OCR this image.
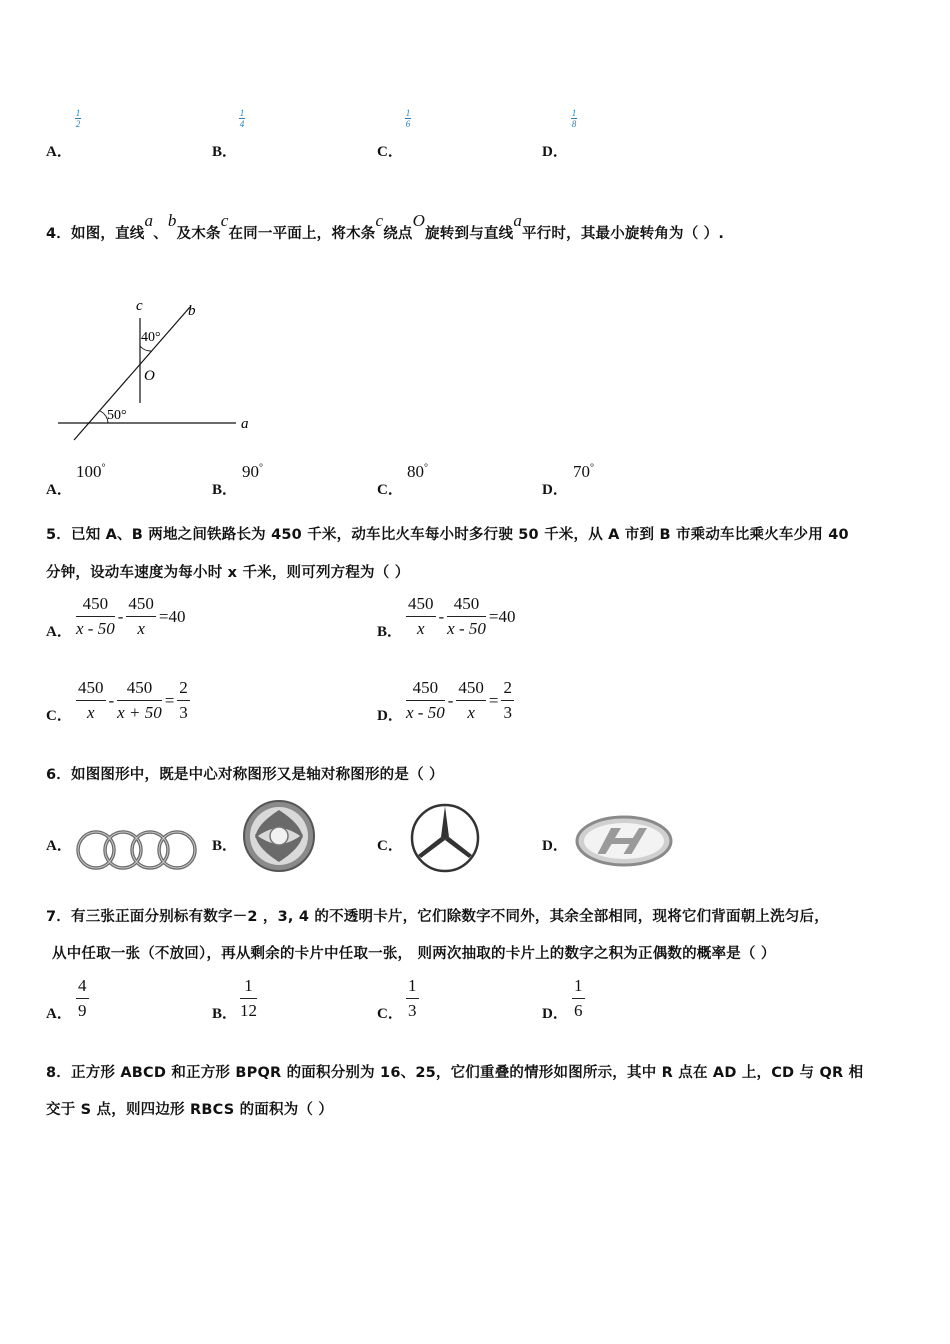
A．
1
2
B．
1
4
C．
1
6
D．
1
8
4．如图，直线a、b及木条c在同一平面上，将木条c绕点O旋转到与直线a平行时，其最小旋转角为（ ）.
c	b
a
O
40°
50°
A．
100°
B．
90°
C．
80°
D．
70°
5．已知 A、B 两地之间铁路长为 450 千米，动车比火车每小时多行驶 50 千米，从 A 市到 B 市乘动车比乘火车少用 40
分钟，设动车速度为每小时 x 千米，则可列方程为（ ）
A． $\frac{450}{x - 50} - \frac{450}{x} =40$
B． $\frac{450}{x} - \frac{450}{x - 50} =40$
C． $\frac{450}{x} - \frac{450}{x + 50} = \frac{2}{3}$	D． $\frac{450}{x - 50} - \frac{450}{x} = \frac{2}{3}$
6．如图图形中，既是中心对称图形又是轴对称图形的是（ ）
A．	B．	C．	D．
7．有三张正面分别标有数字－2 ，3, 4 的不透明卡片，它们除数字不同外，其余全部相同，现将它们背面朝上洗匀后，
从中任取一张（不放回），再从剩余的卡片中任取一张， 则两次抽取的卡片上的数字之积为正偶数的概率是（ ）
A． $\frac{4}{9}$	B． $\frac{1}{12}$	C． $\frac{1}{3}$	D． $\frac{1}{6}$
8．正方形 ABCD 和正方形 BPQR 的面积分别为 16、25，它们重叠的情形如图所示，其中 R 点在 AD 上，CD 与 QR 相
交于 S 点，则四边形 RBCS 的面积为（ ）
